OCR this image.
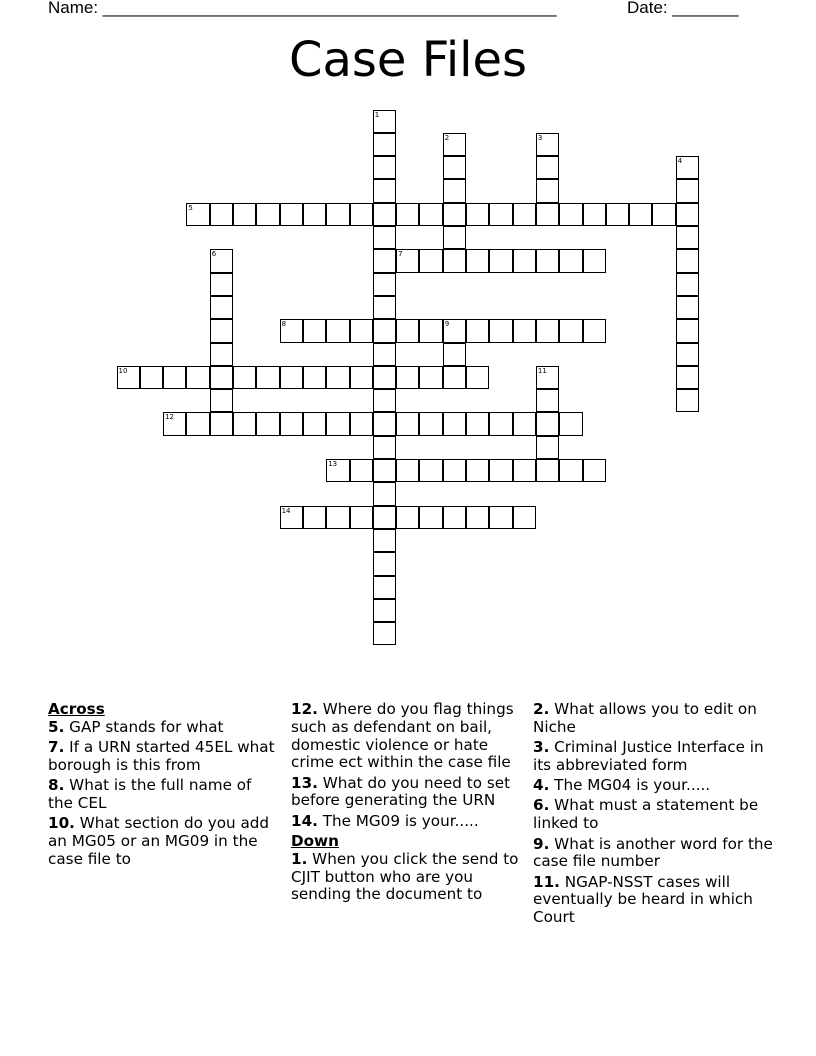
Name: ________________________________________________	Date: _______
Case Files
1
2	3
4
5
6	7
8	9
10	11
12
13
14
Across
5. GAP stands for what
7. If a URN started 45EL what borough is this from
8. What is the full name of the CEL
10. What section do you add an MG05 or an MG09 in the case file to
12. Where do you flag things such as defendant on bail, domestic violence or hate crime ect within the case file
13. What do you need to set before generating the URN
14. The MG09 is your.....
Down
1. When you click the send to CJIT button who are you sending the document to
2. What allows you to edit on Niche
3. Criminal Justice Interface in its abbreviated form
4. The MG04 is your.....
6. What must a statement be linked to
9. What is another word for the case file number
11. NGAP-NSST cases will eventually be heard in which Court
